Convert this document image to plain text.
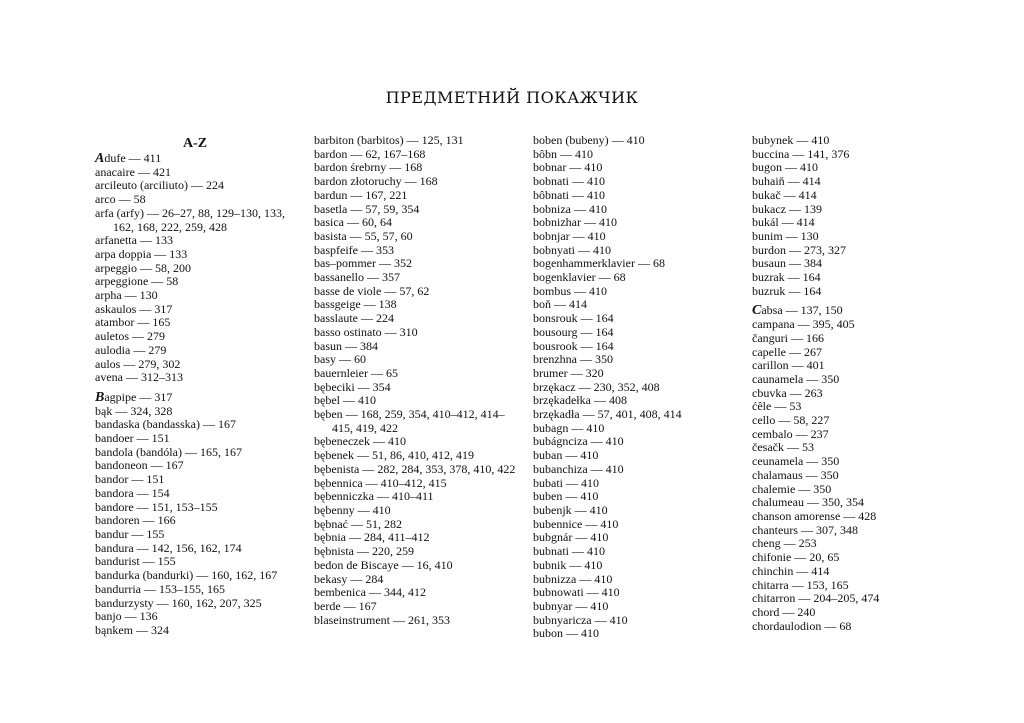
ПРЕДМЕТНИЙ ПОКАЖЧИК
A-Z
Adufe — 411
anacaire — 421
arcileuto (arciliuto) — 224
arco — 58
arfa (arfy) — 26–27, 88, 129–130, 133, 162, 168, 222, 259, 428
arfanetta — 133
arpa doppia — 133
arpeggio — 58, 200
arpeggione — 58
arpha — 130
askaulos — 317
atambor — 165
auletos — 279
aulodia — 279
aulos — 279, 302
avena — 312–313
Bagpipe — 317
bąk — 324, 328
bandaska (bandasska) — 167
bandoer — 151
bandola (bandóla) — 165, 167
bandoneon — 167
bandor — 151
bandora — 154
bandore — 151, 153–155
bandoren — 166
bandur — 155
bandura — 142, 156, 162, 174
bandurist — 155
bandurka (bandurki) — 160, 162, 167
bandurria — 153–155, 165
bandurzysty — 160, 162, 207, 325
banjo — 136
bąnkem — 324
barbiton (barbitos) — 125, 131
bardon — 62, 167–168
bardon śrebrny — 168
bardon złotoruchy — 168
bardun — 167, 221
basetla — 57, 59, 354
basica — 60, 64
basista — 55, 57, 60
baspfeife — 353
bas–pommer — 352
bassanello — 357
basse de viole — 57, 62
bassgeige — 138
basslaute — 224
basso ostinato — 310
basun — 384
basy — 60
bauernleier — 65
bębeciki — 354
bębel — 410
bęben — 168, 259, 354, 410–412, 414–415, 419, 422
bębeneczek — 410
bębenek — 51, 86, 410, 412, 419
bębenista — 282, 284, 353, 378, 410, 422
bębennica — 410–412, 415
bębenniczka — 410–411
bębenny — 410
bębnać — 51, 282
bębnia — 284, 411–412
bębnista — 220, 259
bedon de Biscaye — 16, 410
bekasy — 284
bembenica — 344, 412
berde — 167
blaseinstrument — 261, 353
boben (bubeny) — 410
bôbn — 410
bobnar — 410
bobnati — 410
bôbnati — 410
bobniza — 410
bobnizhar — 410
bobnjar — 410
bobnyati — 410
bogenhammerklavier — 68
bogenklavier — 68
bombus — 410
boň — 414
bonsrouk — 164
bousourg — 164
bousrook — 164
brenzhna — 350
brumer — 320
brzękacz — 230, 352, 408
brzękadełka — 408
brzękadła — 57, 401, 408, 414
bubagn — 410
bubágnciza — 410
buban — 410
bubanchiza — 410
bubati — 410
buben — 410
bubenjk — 410
bubennice — 410
bubgnár — 410
bubnati — 410
bubnik — 410
bubnizza — 410
bubnowati — 410
bubnyar — 410
bubnyaricza — 410
bubon — 410
bubynek — 410
buccina — 141, 376
bugon — 410
buhaiň — 414
bukač — 414
bukacz — 139
bukál — 414
bunim — 130
burdon — 273, 327
busaun — 384
buzrak — 164
buzruk — 164
Cabsa — 137, 150
campana — 395, 405
čanguri — 166
capelle — 267
carillon — 401
caunamela — 350
cbuvka — 263
ćêle — 53
cello — 58, 227
cembalo — 237
česačk — 53
ceunamela — 350
chalamaus — 350
chalemie — 350
chalumeau — 350, 354
chanson amorense — 428
chanteurs — 307, 348
cheng — 253
chifonie — 20, 65
chinchin — 414
chitarra — 153, 165
chitarron — 204–205, 474
chord — 240
chordaulodion — 68
